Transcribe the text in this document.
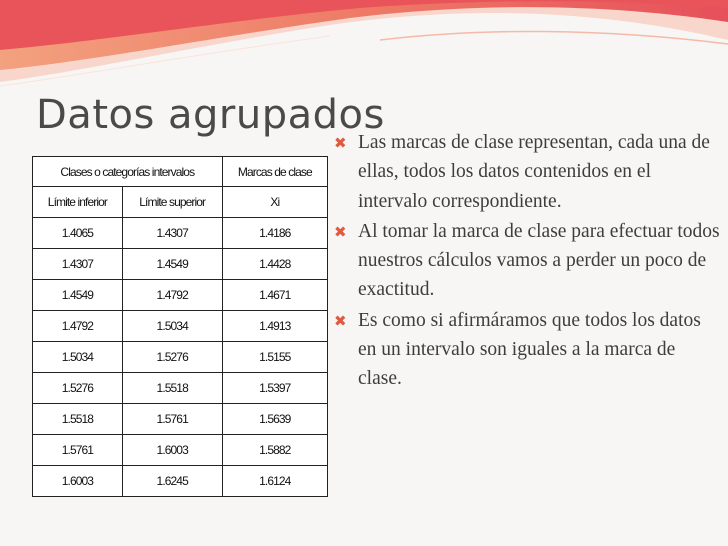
Datos agrupados
Clases o categorías intervalos		Marcas de clase
Límite inferior	Límite superior	Xi
1.4065	1.4307	1.4186
1.4307	1.4549	1.4428
1.4549	1.4792	1.4671
1.4792	1.5034	1.4913
1.5034	1.5276	1.5155
1.5276	1.5518	1.5397
1.5518	1.5761	1.5639
1.5761	1.6003	1.5882
1.6003	1.6245	1.6124
✖ Las marcas de clase representan, cada una de ellas, todos los datos contenidos en el intervalo correspondiente.
✖ Al tomar la marca de clase para efectuar todos nuestros cálculos vamos a perder un poco de exactitud.
✖ Es como si afirmáramos que todos los datos en un intervalo son iguales a la marca de clase.
